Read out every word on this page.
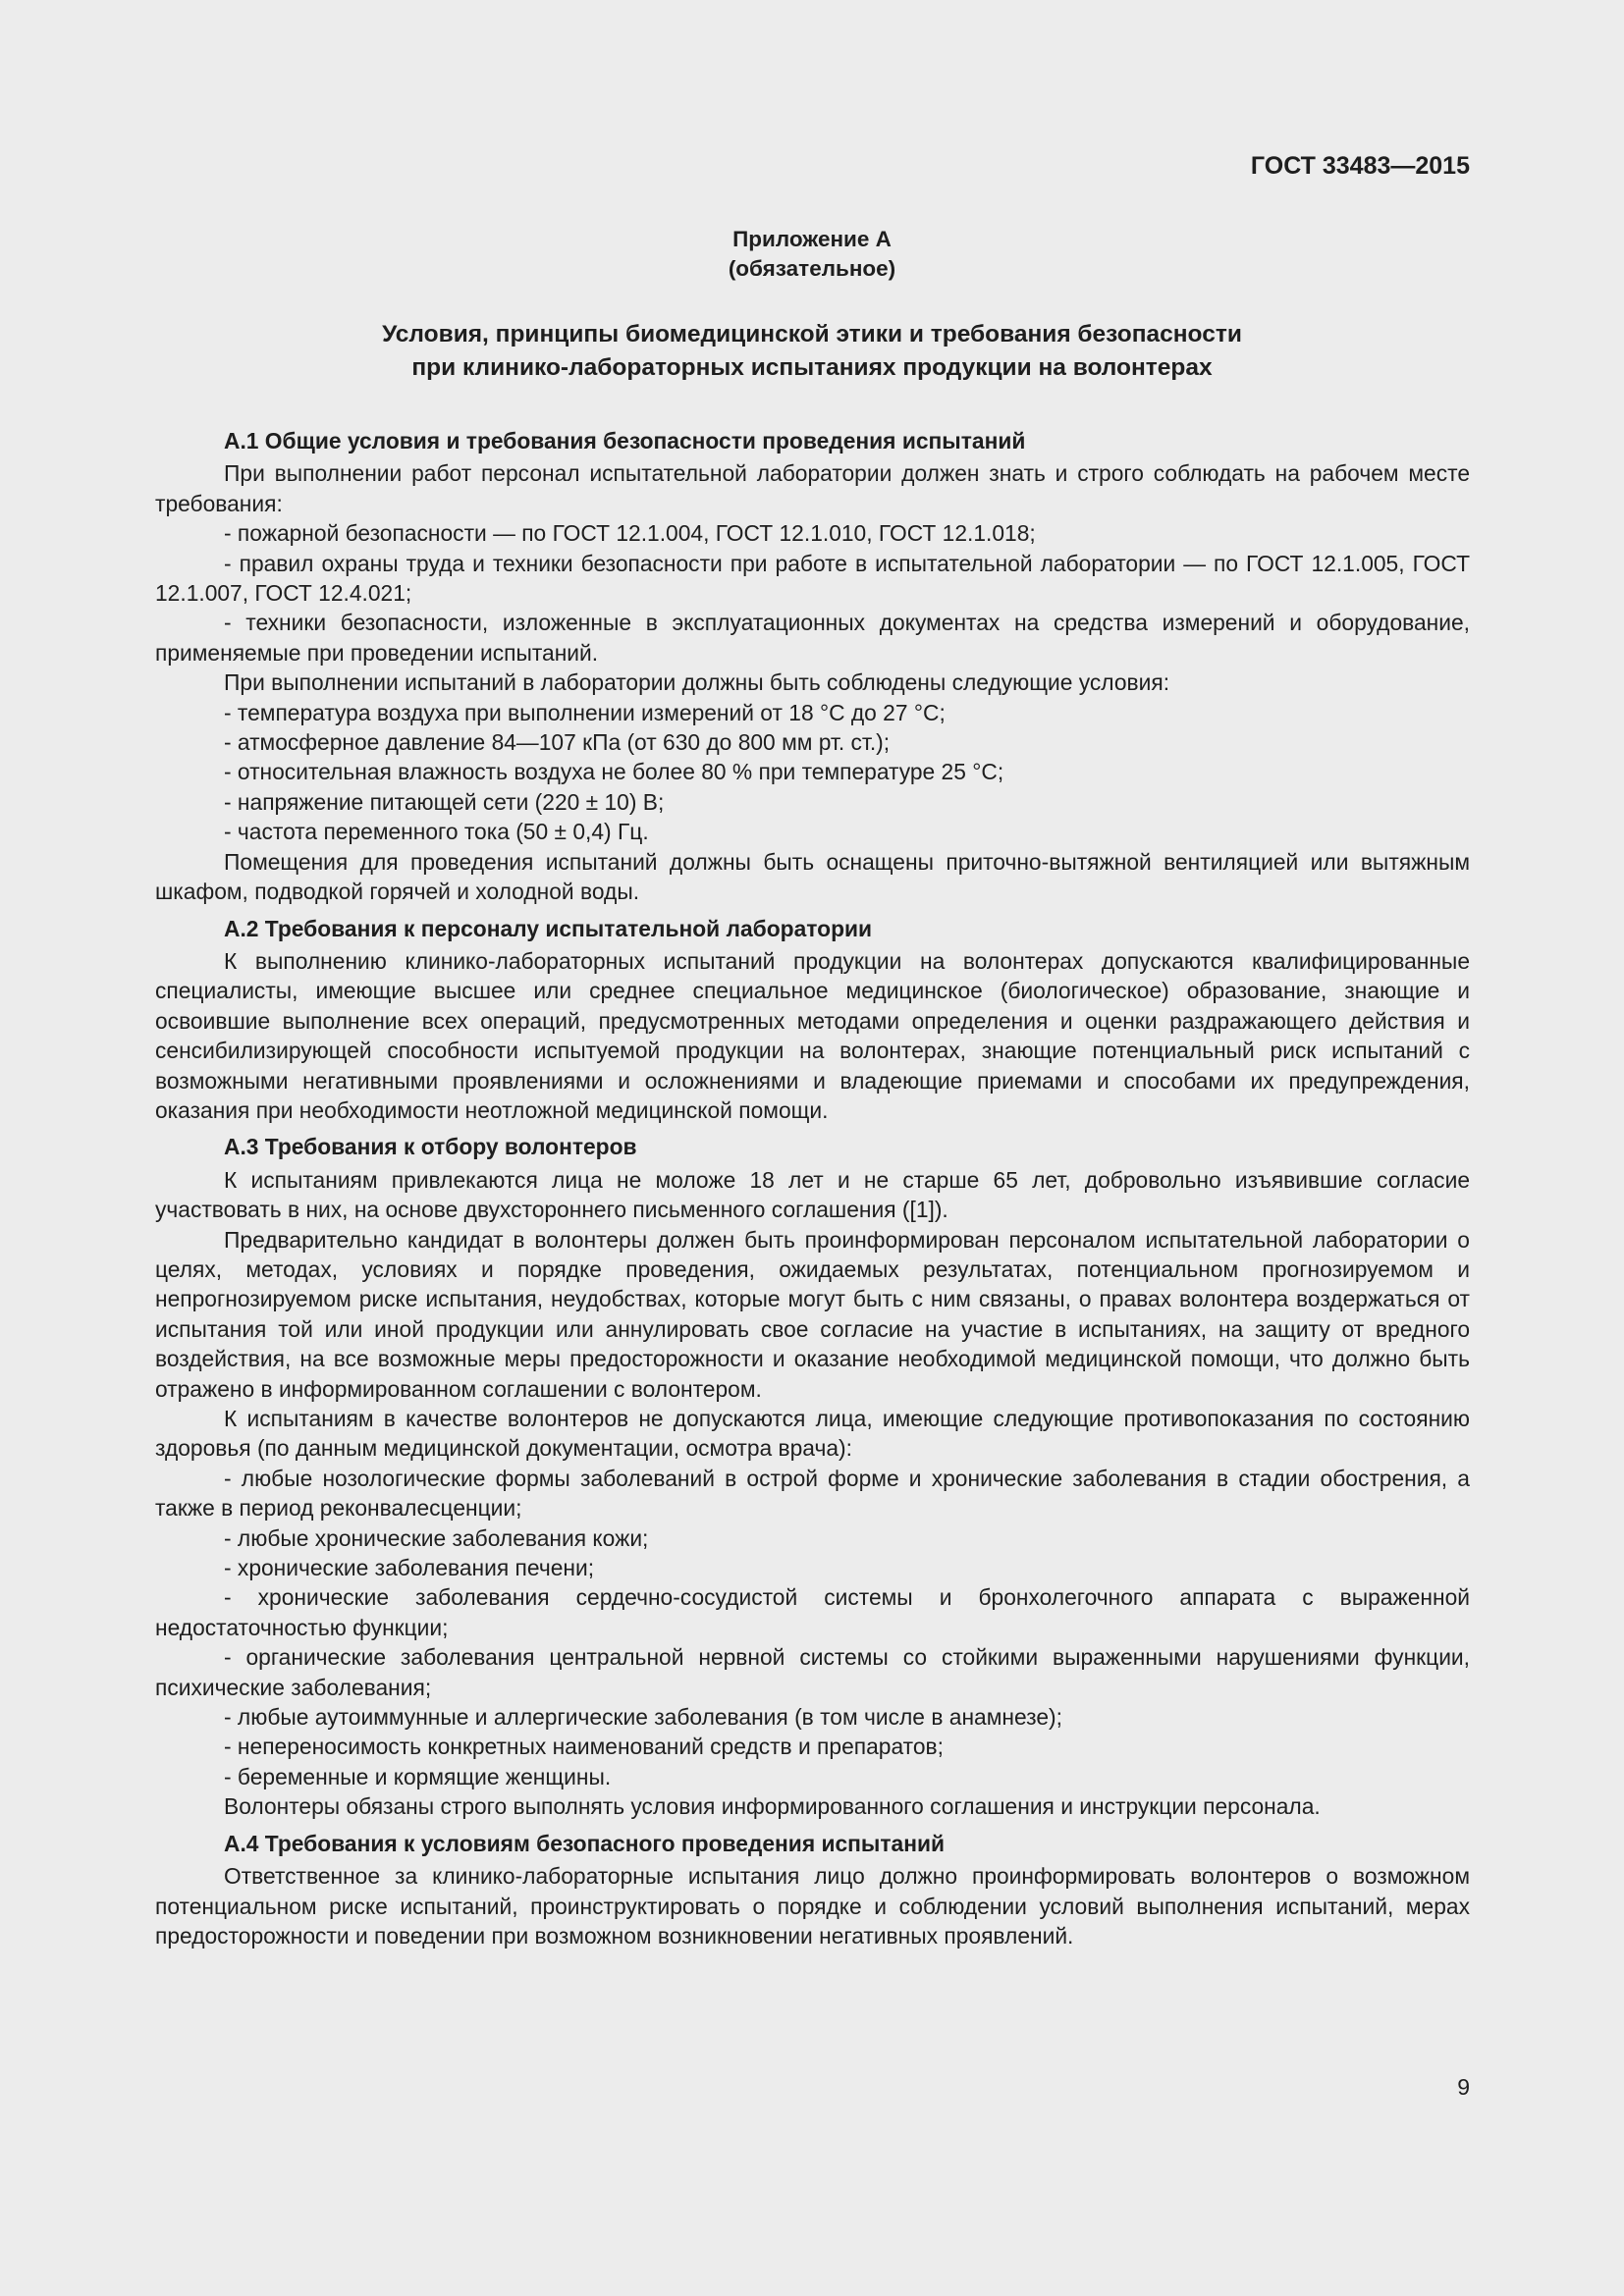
ГОСТ 33483—2015

Приложение А
(обязательное)
Условия, принципы биомедицинской этики и требования безопасности
при клинико-лабораторных испытаниях продукции на волонтерах
А.1 Общие условия и требования безопасности проведения испытаний

При выполнении работ персонал испытательной лаборатории должен знать и строго соблюдать на рабочем месте требования:

- пожарной безопасности — по ГОСТ 12.1.004, ГОСТ 12.1.010, ГОСТ 12.1.018;

- правил охраны труда и техники безопасности при работе в испытательной лаборатории — по ГОСТ 12.1.005, ГОСТ 12.1.007, ГОСТ 12.4.021;

- техники безопасности, изложенные в эксплуатационных документах на средства измерений и оборудование, применяемые при проведении испытаний.

При выполнении испытаний в лаборатории должны быть соблюдены следующие условия:

- температура воздуха при выполнении измерений от 18 °С до 27 °С;

- атмосферное давление 84—107 кПа (от 630 до 800 мм рт. ст.);

- относительная влажность воздуха не более 80 % при температуре 25 °С;

- напряжение питающей сети (220 ± 10) В;

- частота переменного тока (50 ± 0,4) Гц.

Помещения для проведения испытаний должны быть оснащены приточно-вытяжной вентиляцией или вытяжным шкафом, подводкой горячей и холодной воды.

А.2 Требования к персоналу испытательной лаборатории

К выполнению клинико-лабораторных испытаний продукции на волонтерах допускаются квалифицированные специалисты, имеющие высшее или среднее специальное медицинское (биологическое) образование, знающие и освоившие выполнение всех операций, предусмотренных методами определения и оценки раздражающего действия и сенсибилизирующей способности испытуемой продукции на волонтерах, знающие потенциальный риск испытаний с возможными негативными проявлениями и осложнениями и владеющие приемами и способами их предупреждения, оказания при необходимости неотложной медицинской помощи.

А.3 Требования к отбору волонтеров

К испытаниям привлекаются лица не моложе 18 лет и не старше 65 лет, добровольно изъявившие согласие участвовать в них, на основе двухстороннего письменного соглашения ([1]).

Предварительно кандидат в волонтеры должен быть проинформирован персоналом испытательной лаборатории о целях, методах, условиях и порядке проведения, ожидаемых результатах, потенциальном прогнозируемом и непрогнозируемом риске испытания, неудобствах, которые могут быть с ним связаны, о правах волонтера воздержаться от испытания той или иной продукции или аннулировать свое согласие на участие в испытаниях, на защиту от вредного воздействия, на все возможные меры предосторожности и оказание необходимой медицинской помощи, что должно быть отражено в информированном соглашении с волонтером.

К испытаниям в качестве волонтеров не допускаются лица, имеющие следующие противопоказания по состоянию здоровья (по данным медицинской документации, осмотра врача):

- любые нозологические формы заболеваний в острой форме и хронические заболевания в стадии обострения, а также в период реконвалесценции;

- любые хронические заболевания кожи;

- хронические заболевания печени;

- хронические заболевания сердечно-сосудистой системы и бронхолегочного аппарата с выраженной недостаточностью функции;

- органические заболевания центральной нервной системы со стойкими выраженными нарушениями функции, психические заболевания;

- любые аутоиммунные и аллергические заболевания (в том числе в анамнезе);

- непереносимость конкретных наименований средств и препаратов;

- беременные и кормящие женщины.

Волонтеры обязаны строго выполнять условия информированного соглашения и инструкции персонала.

А.4 Требования к условиям безопасного проведения испытаний

Ответственное за клинико-лабораторные испытания лицо должно проинформировать волонтеров о возможном потенциальном риске испытаний, проинструктировать о порядке и соблюдении условий выполнения испытаний, мерах предосторожности и поведении при возможном возникновении негативных проявлений.

9
